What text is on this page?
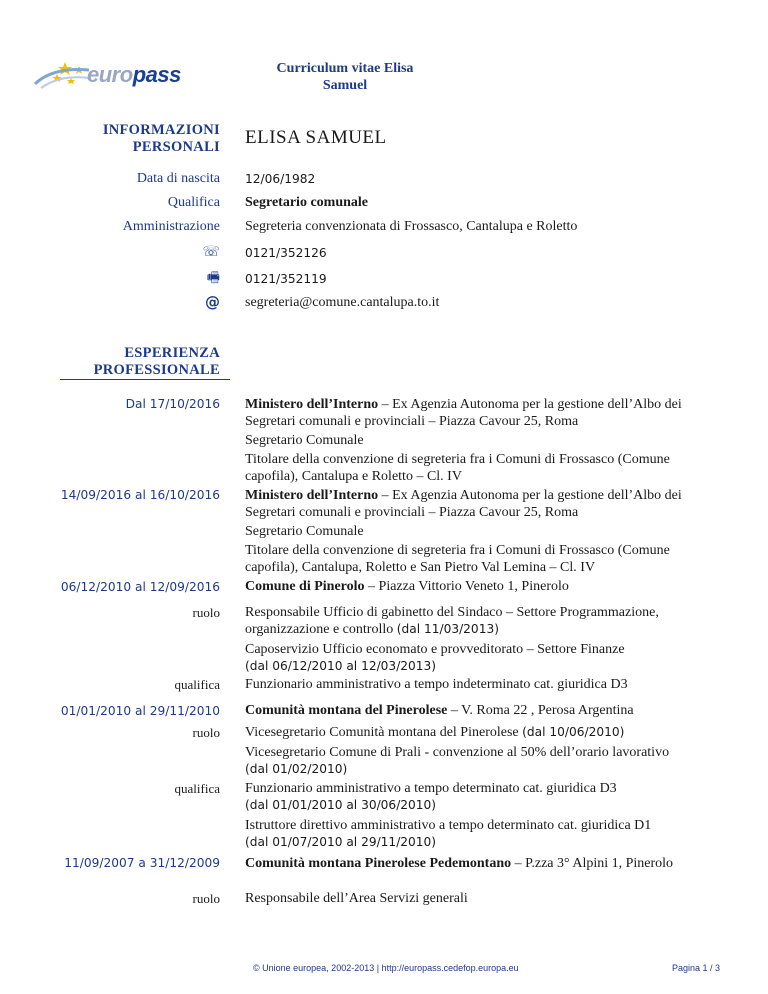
europass	Curriculum vitae Elisa
Samuel
INFORMAZIONI
PERSONALI ELISA SAMUEL
Data di nascita 12/06/1982
Qualifica Segretario comunale
Amministrazione Segreteria convenzionata di Frossasco, Cantalupa e Roletto
☏ 0121/352126
🖷 0121/352119
@ segreteria@comune.cantalupa.to.it
ESPERIENZA
PROFESSIONALE
Dal 17/10/2016 Ministero dell’Interno – Ex Agenzia Autonoma per la gestione dell’Albo dei
Segretari comunali e provinciali – Piazza Cavour 25, Roma
Segretario Comunale
Titolare della convenzione di segreteria fra i Comuni di Frossasco (Comune
capofila), Cantalupa e Roletto – Cl. IV
14/09/2016 al 16/10/2016 Ministero dell’Interno – Ex Agenzia Autonoma per la gestione dell’Albo dei
Segretari comunali e provinciali – Piazza Cavour 25, Roma
Segretario Comunale
Titolare della convenzione di segreteria fra i Comuni di Frossasco (Comune
capofila), Cantalupa, Roletto e San Pietro Val Lemina – Cl. IV
06/12/2010 al 12/09/2016 Comune di Pinerolo – Piazza Vittorio Veneto 1, Pinerolo
ruolo Responsabile Ufficio di gabinetto del Sindaco – Settore Programmazione,
organizzazione e controllo (dal 11/03/2013)
Caposervizio Ufficio economato e provveditorato – Settore Finanze
(dal 06/12/2010 al 12/03/2013)
qualifica Funzionario amministrativo a tempo indeterminato cat. giuridica D3
01/01/2010 al 29/11/2010 Comunità montana del Pinerolese – V. Roma 22 , Perosa Argentina
ruolo Vicesegretario Comunità montana del Pinerolese (dal 10/06/2010)
Vicesegretario Comune di Prali - convenzione al 50% dell’orario lavorativo
(dal 01/02/2010)
qualifica Funzionario amministrativo a tempo determinato cat. giuridica D3
(dal 01/01/2010 al 30/06/2010)
Istruttore direttivo amministrativo a tempo determinato cat. giuridica D1
(dal 01/07/2010 al 29/11/2010)
11/09/2007 a 31/12/2009 Comunità montana Pinerolese Pedemontano – P.zza 3° Alpini 1, Pinerolo
ruolo Responsabile dell’Area Servizi generali
© Unione europea, 2002-2013 | http://europass.cedefop.europa.eu	Pagina 1 / 3
